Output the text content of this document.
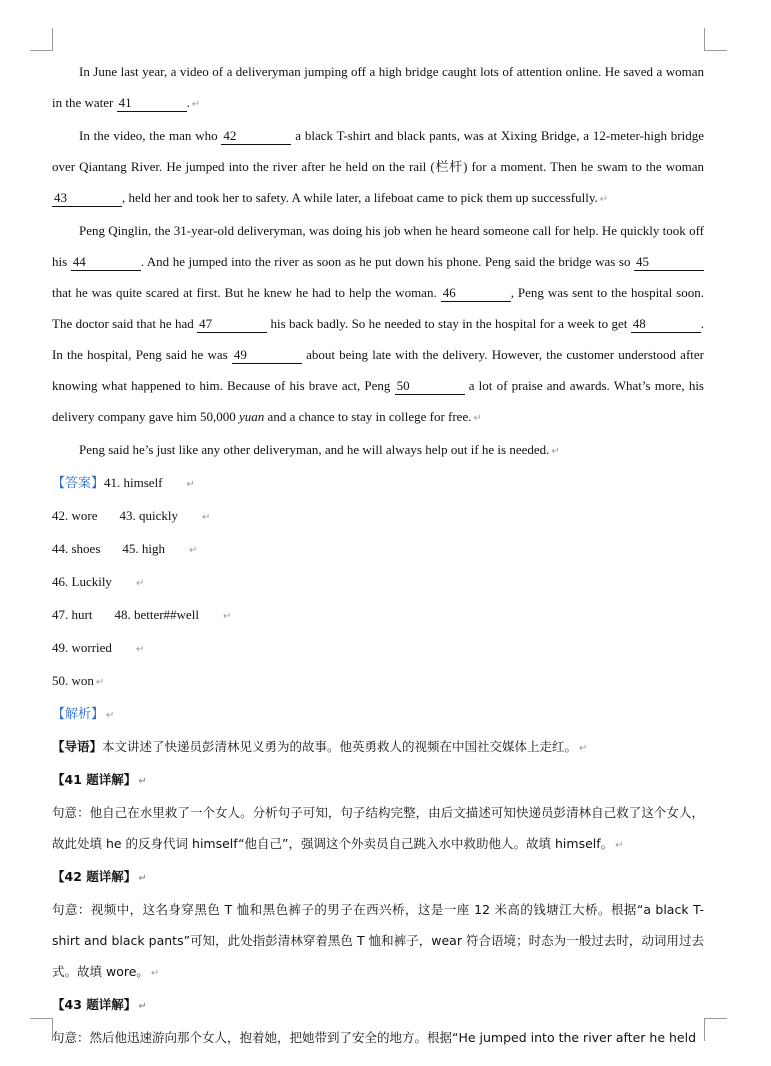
In June last year, a video of a deliveryman jumping off a high bridge caught lots of attention online. He saved a woman in the water 41	. ↵

In the video, the man who 42	a black T-shirt and black pants, was at Xixing Bridge, a 12-meter-high bridge over Qiantang River. He jumped into the river after he held on the rail (栏杆) for a moment. Then he swam to the woman 43	, held her and took her to safety. A while later, a lifeboat came to pick them up successfully. ↵

Peng Qinglin, the 31-year-old deliveryman, was doing his job when he heard someone call for help. He quickly took off his 44	. And he jumped into the river as soon as he put down his phone. Peng said the bridge was so 45 that he was quite scared at first. But he knew he had to help the woman. 46	, Peng was sent to the hospital soon. The doctor said that he had 47	his back badly. So he needed to stay in the hospital for a week to get 48	. In the hospital, Peng said he was 49	about being late with the delivery. However, the customer understood after knowing what happened to him. Because of his brave act, Peng 50	a lot of praise and awards. What’s more, his delivery company gave him 50,000 yuan and a chance to stay in college for free. ↵

Peng said he’s just like any other deliveryman, and he will always help out if he is needed. ↵

【答案】41. himself ↵

42. wore 43. quickly ↵

44. shoes 45. high ↵

46. Luckily ↵

47. hurt 48. better##well ↵

49. worried ↵

50. won ↵

【解析】 ↵

【导语】本文讲述了快递员彭清林见义勇为的故事。他英勇救人的视频在中国社交媒体上走红。 ↵

【41 题详解】 ↵

句意：他自己在水里救了一个女人。分析句子可知，句子结构完整，由后文描述可知快递员彭清林自己救了这个女人，故此处填 he 的反身代词 himself“他自己”，强调这个外卖员自己跳入水中救助他人。故填 himself。 ↵

【42 题详解】 ↵

句意：视频中，这名身穿黑色 T 恤和黑色裤子的男子在西兴桥，这是一座 12 米高的钱塘江大桥。根据“a black T-shirt and black pants”可知，此处指彭清林穿着黑色 T 恤和裤子，wear 符合语境；时态为一般过去时，动词用过去式。故填 wore。 ↵

【43 题详解】 ↵

句意：然后他迅速游向那个女人，抱着她，把她带到了安全的地方。根据“He jumped into the river after he held
